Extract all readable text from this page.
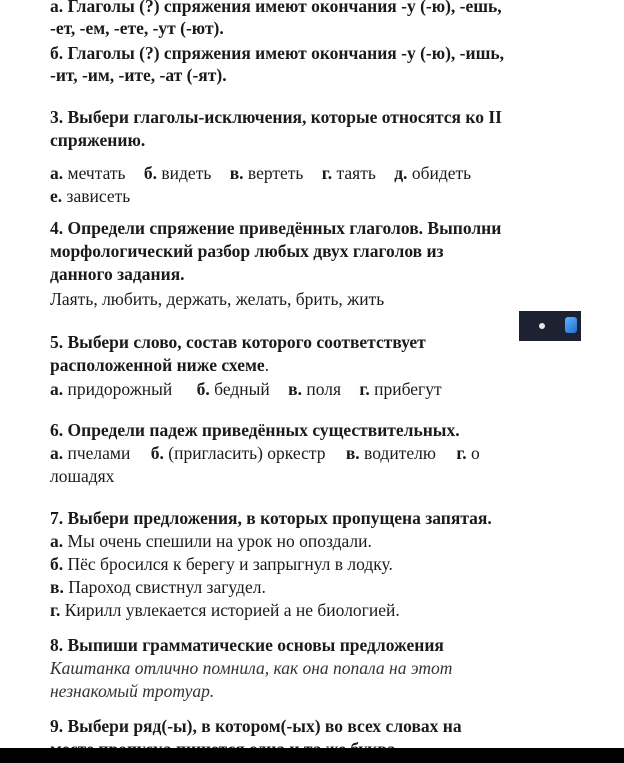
а. Глаголы (?) спряжения имеют окончания -у (-ю), -ешь,
-ет, -ем, -ете, -ут (-ют).
б. Глаголы (?) спряжения имеют окончания -у (-ю), -ишь,
-ит, -им, -ите, -ат (-ят).
3. Выбери глаголы-исключения, которые относятся ко II
спряжению.
а. мечтать б. видеть в. вертеть г. таять д. обидеть
е. зависеть
4. Определи спряжение приведённых глаголов. Выполни
морфологический разбор любых двух глаголов из
данного задания.
Лаять, любить, держать, желать, брить, жить
5. Выбери слово, состав которого соответствует
расположенной ниже схеме.
а. придорожный б. бедный в. поля г. прибегут
6. Определи падеж приведённых существительных.
а. пчелами б. (пригласить) оркестр в. водителю г. о
лошадях
7. Выбери предложения, в которых пропущена запятая.
а. Мы очень спешили на урок но опоздали.
б. Пёс бросился к берегу и запрыгнул в лодку.
в. Пароход свистнул загудел.
г. Кирилл увлекается историей а не биологией.
8. Выпиши грамматические основы предложения
Каштанка отлично помнила, как она попала на этот
незнакомый тротуар.
9. Выбери ряд(-ы), в котором(-ых) во всех словах на
